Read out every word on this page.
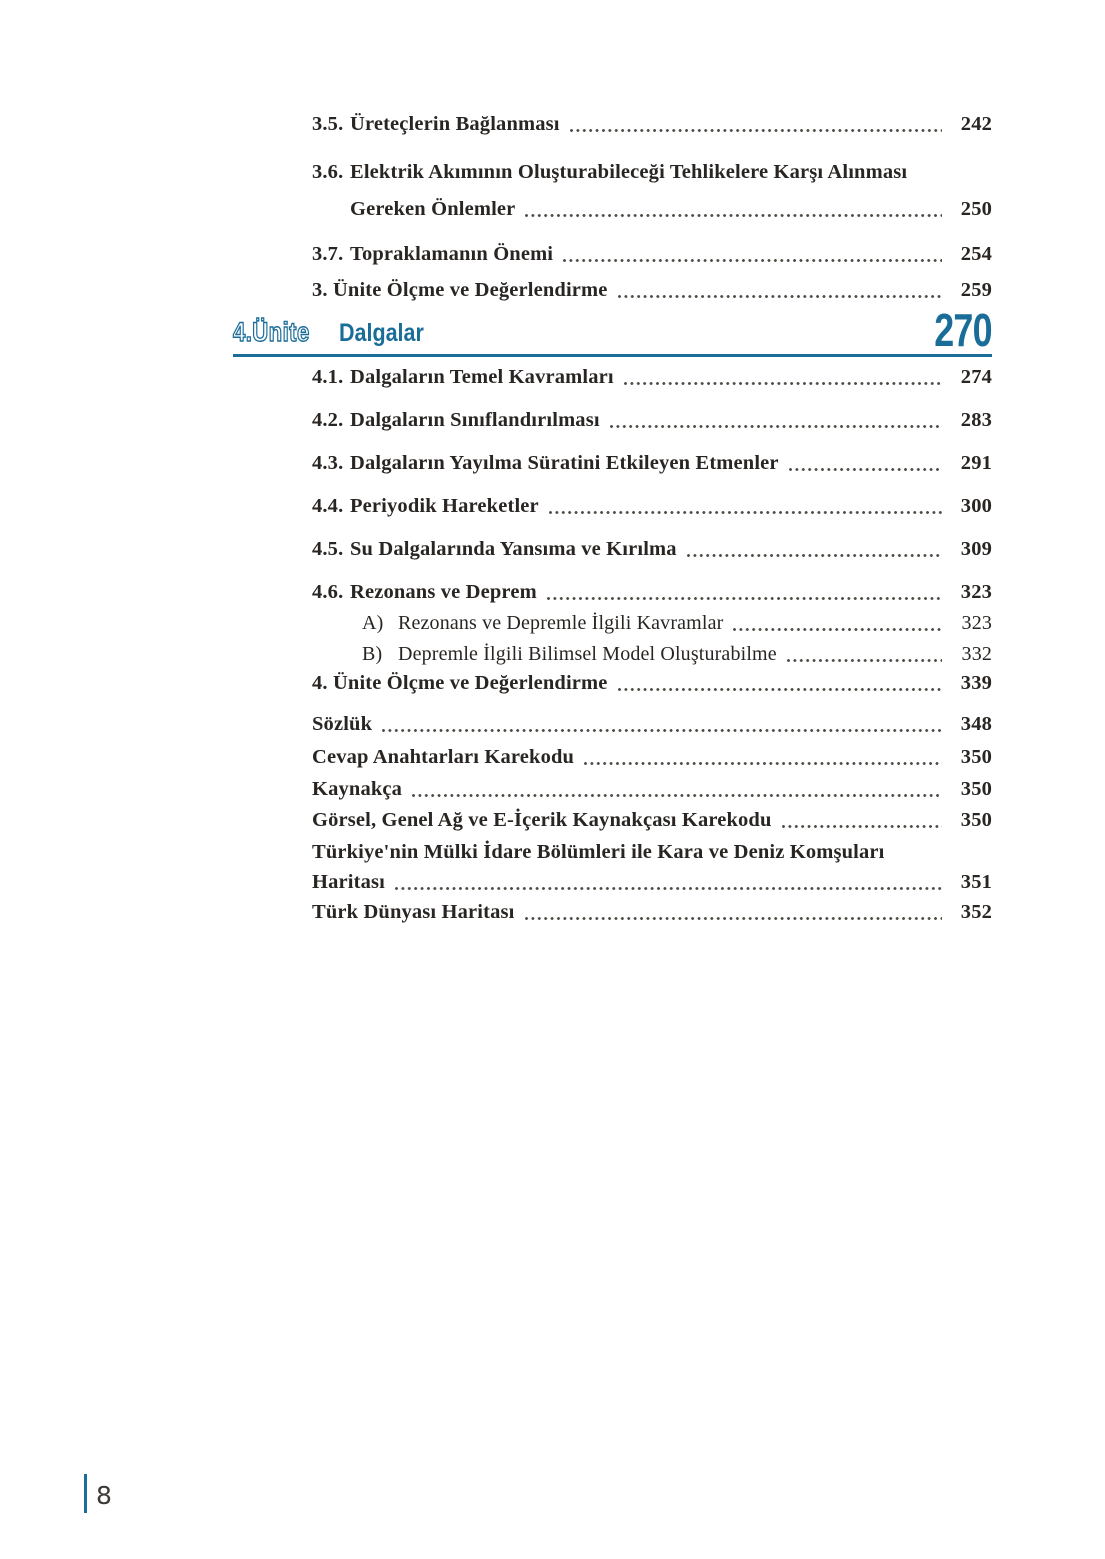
3.5. Üreteçlerin Bağlanması	242
3.6. Elektrik Akımının Oluşturabileceği Tehlikelere Karşı Alınması
Gereken Önlemler	250
3.7. Topraklamanın Önemi	254
3. Ünite Ölçme ve Değerlendirme	259
4.Ünite Dalgalar	270
4.1. Dalgaların Temel Kavramları	274
4.2. Dalgaların Sınıflandırılması	283
4.3. Dalgaların Yayılma Süratini Etkileyen Etmenler	291
4.4. Periyodik Hareketler	300
4.5. Su Dalgalarında Yansıma ve Kırılma	309
4.6. Rezonans ve Deprem	323
A) Rezonans ve Depremle İlgili Kavramlar	323
B) Depremle İlgili Bilimsel Model Oluşturabilme	332
4. Ünite Ölçme ve Değerlendirme	339
Sözlük	348
Cevap Anahtarları Karekodu	350
Kaynakça	350
Görsel, Genel Ağ ve E-İçerik Kaynakçası Karekodu	350
Türkiye'nin Mülki İdare Bölümleri ile Kara ve Deniz Komşuları
Haritası	351
Türk Dünyası Haritası	352
8
